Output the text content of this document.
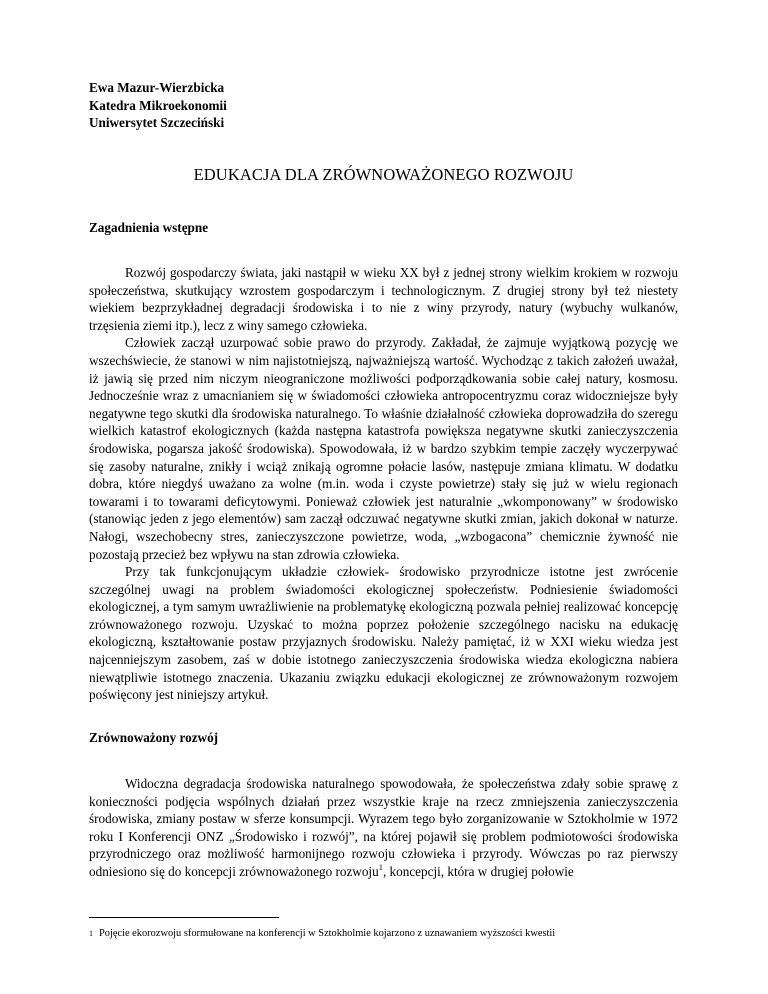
Ewa Mazur-Wierzbicka
Katedra Mikroekonomii
Uniwersytet Szczeciński
EDUKACJA DLA ZRÓWNOWAŻONEGO ROZWOJU
Zagadnienia wstępne

Rozwój gospodarczy świata, jaki nastąpił w wieku XX był z jednej strony wielkim krokiem w rozwoju społeczeństwa, skutkujący wzrostem gospodarczym i technologicznym. Z drugiej strony był też niestety wiekiem bezprzykładnej degradacji środowiska i to nie z winy przyrody, natury (wybuchy wulkanów, trzęsienia ziemi itp.), lecz z winy samego człowieka.

Człowiek zaczął uzurpować sobie prawo do przyrody. Zakładał, że zajmuje wyjątkową pozycję we wszechświecie, że stanowi w nim najistotniejszą, najważniejszą wartość. Wychodząc z takich założeń uważał, iż jawią się przed nim niczym nieograniczone możliwości podporządkowania sobie całej natury, kosmosu. Jednocześnie wraz z umacnianiem się w świadomości człowieka antropocentryzmu coraz widoczniejsze były negatywne tego skutki dla środowiska naturalnego. To właśnie działalność człowieka doprowadziła do szeregu wielkich katastrof ekologicznych (każda następna katastrofa powiększa negatywne skutki zanieczyszczenia środowiska, pogarsza jakość środowiska). Spowodowała, iż w bardzo szybkim tempie zaczęły wyczerpywać się zasoby naturalne, znikły i wciąż znikają ogromne połacie lasów, następuje zmiana klimatu. W dodatku dobra, które niegdyś uważano za wolne (m.in. woda i czyste powietrze) stały się już w wielu regionach towarami i to towarami deficytowymi. Ponieważ człowiek jest naturalnie „wkomponowany” w środowisko (stanowiąc jeden z jego elementów) sam zaczął odczuwać negatywne skutki zmian, jakich dokonał w naturze. Nałogi, wszechobecny stres, zanieczyszczone powietrze, woda, „wzbogacona” chemicznie żywność nie pozostają przecież bez wpływu na stan zdrowia człowieka.

Przy tak funkcjonującym układzie człowiek- środowisko przyrodnicze istotne jest zwrócenie szczególnej uwagi na problem świadomości ekologicznej społeczeństw. Podniesienie świadomości ekologicznej, a tym samym uwrażliwienie na problematykę ekologiczną pozwala pełniej realizować koncepcję zrównoważonego rozwoju. Uzyskać to można poprzez położenie szczególnego nacisku na edukację ekologiczną, kształtowanie postaw przyjaznych środowisku. Należy pamiętać, iż w XXI wieku wiedza jest najcenniejszym zasobem, zaś w dobie istotnego zanieczyszczenia środowiska wiedza ekologiczna nabiera niewątpliwie istotnego znaczenia. Ukazaniu związku edukacji ekologicznej ze zrównoważonym rozwojem poświęcony jest niniejszy artykuł.

Zrównoważony rozwój

Widoczna degradacja środowiska naturalnego spowodowała, że społeczeństwa zdały sobie sprawę z konieczności podjęcia wspólnych działań przez wszystkie kraje na rzecz zmniejszenia zanieczyszczenia środowiska, zmiany postaw w sferze konsumpcji. Wyrazem tego było zorganizowanie w Sztokholmie w 1972 roku I Konferencji ONZ „Środowisko i rozwój”, na której pojawił się problem podmiotowości środowiska przyrodniczego oraz możliwość harmonijnego rozwoju człowieka i przyrody. Wówczas po raz pierwszy odniesiono się do koncepcji zrównoważonego rozwoju$^1$, koncepcji, która w drugiej połowie

$^1$ Pojęcie ekorozwoju sformułowane na konferencji w Sztokholmie kojarzono z uznawaniem wyższości kwestii
